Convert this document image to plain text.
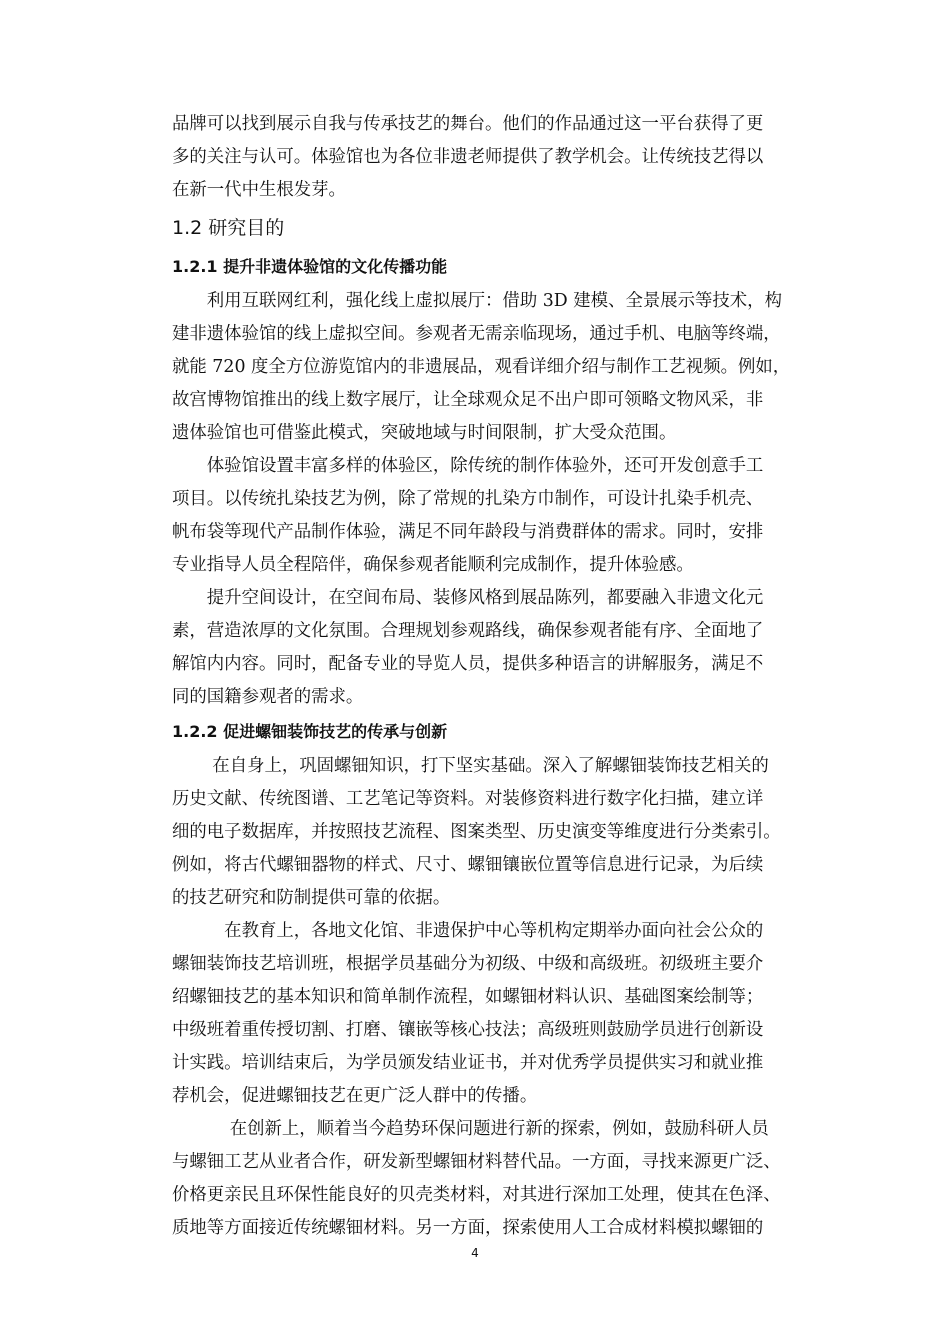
品牌可以找到展示自我与传承技艺的舞台。他们的作品通过这一平台获得了更
多的关注与认可。体验馆也为各位非遗老师提供了教学机会。让传统技艺得以
在新一代中生根发芽。

1.2 研究目的
1.2.1 提升非遗体验馆的文化传播功能

　　利用互联网红利，强化线上虚拟展厅：借助 3D 建模、全景展示等技术，构
建非遗体验馆的线上虚拟空间。参观者无需亲临现场，通过手机、电脑等终端，
就能 720 度全方位游览馆内的非遗展品，观看详细介绍与制作工艺视频。例如，
故宫博物馆推出的线上数字展厅，让全球观众足不出户即可领略文物风采，非
遗体验馆也可借鉴此模式，突破地域与时间限制，扩大受众范围。

　　体验馆设置丰富多样的体验区，除传统的制作体验外，还可开发创意手工
项目。以传统扎染技艺为例，除了常规的扎染方巾制作，可设计扎染手机壳、
帆布袋等现代产品制作体验，满足不同年龄段与消费群体的需求。同时，安排
专业指导人员全程陪伴，确保参观者能顺利完成制作，提升体验感。

　　提升空间设计，在空间布局、装修风格到展品陈列，都要融入非遗文化元
素，营造浓厚的文化氛围。合理规划参观路线，确保参观者能有序、全面地了
解馆内内容。同时，配备专业的导览人员，提供多种语言的讲解服务，满足不
同的国籍参观者的需求。

1.2.2 促进螺钿装饰技艺的传承与创新

　　 在自身上，巩固螺钿知识，打下坚实基础。深入了解螺钿装饰技艺相关的
历史文献、传统图谱、工艺笔记等资料。对装修资料进行数字化扫描，建立详
细的电子数据库，并按照技艺流程、图案类型、历史演变等维度进行分类索引。
例如，将古代螺钿器物的样式、尺寸、螺钿镶嵌位置等信息进行记录，为后续
的技艺研究和防制提供可靠的依据。

　　　在教育上，各地文化馆、非遗保护中心等机构定期举办面向社会公众的
螺钿装饰技艺培训班，根据学员基础分为初级、中级和高级班。初级班主要介
绍螺钿技艺的基本知识和简单制作流程，如螺钿材料认识、基础图案绘制等；
中级班着重传授切割、打磨、镶嵌等核心技法；高级班则鼓励学员进行创新设
计实践。培训结束后，为学员颁发结业证书，并对优秀学员提供实习和就业推
荐机会，促进螺钿技艺在更广泛人群中的传播。

　　　 在创新上，顺着当今趋势环保问题进行新的探索，例如，鼓励科研人员
与螺钿工艺从业者合作，研发新型螺钿材料替代品。一方面，寻找来源更广泛、
价格更亲民且环保性能良好的贝壳类材料，对其进行深加工处理，使其在色泽、
质地等方面接近传统螺钿材料。另一方面，探索使用人工合成材料模拟螺钿的

4
